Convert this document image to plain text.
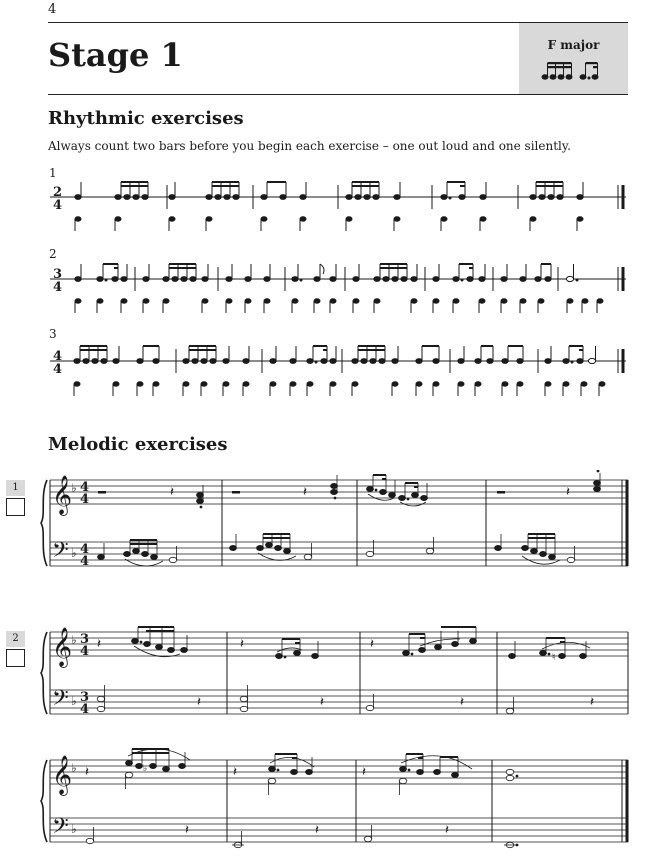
4
Stage 1	F major
Rhythmic exercises
Always count two bars before you begin each exercise – one out loud and one silently.
1
2
4
2
3
4
3
4
4
Melodic exercises
1 𝄞
𝄢
♭
♭
4
4
4
4
𝄽	𝄽	𝄽
2 𝄞
𝄢
♭
♭
3
4
3
4
𝄽	𝄽	𝄽
♮
𝄽	𝄽	𝄽	𝄽
𝄞
𝄢
♭
♭
𝄽	♭	𝄽	𝄽
𝄽	𝄽	𝄽
